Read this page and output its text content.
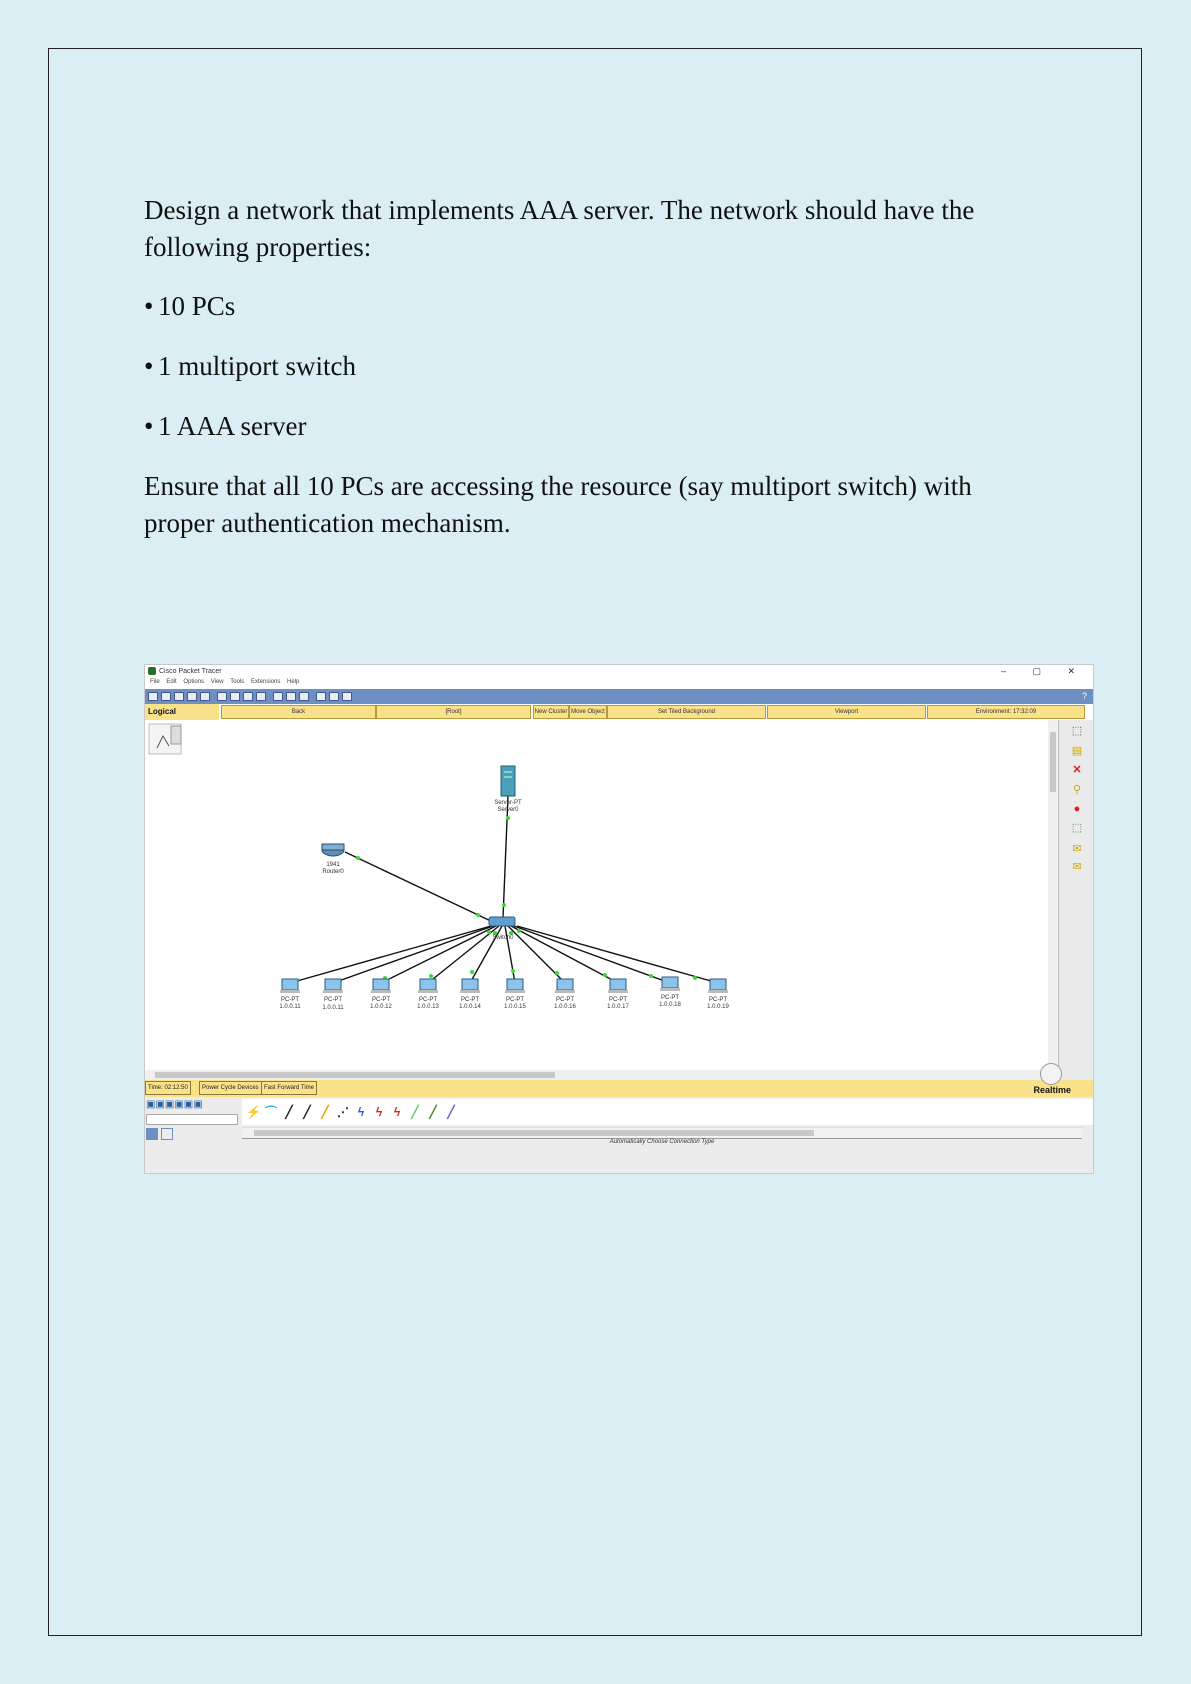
Design a network that implements AAA server. The network should have the following properties:

• 10 PCs

• 1 multiport switch

• 1 AAA server

Ensure that all 10 PCs are accessing the resource (say multiport switch) with proper authentication mechanism.

Cisco Packet Tracer	– ▢ ✕
File Edit Options View Tools Extensions Help
?
Logical	Back	[Root]	New Cluster Move Object	Set Tiled Background	Viewport	Environment: 17:32:09
Server-PT
Server0
1941
Router0
Switch0
PC-PT
1.0.0.11
PC-PT
1.0.0.11
PC-PT
1.0.0.12
PC-PT
1.0.0.13
PC-PT
1.0.0.14
PC-PT
1.0.0.15
PC-PT
1.0.0.16
PC-PT
1.0.0.17
PC-PT
1.0.0.18
PC-PT
1.0.0.19
⬚
▤
✕
⚲
●
⬚
✉
✉
Time: 02:12:50	Power Cycle Devices Fast Forward Time	Realtime
▣▣▣▣▣▣
⚡ ⌒ ╱ ╱ ╱ ⋰ ϟ ϟ ϟ ╱ ╱ ╱
Automatically Choose Connection Type
